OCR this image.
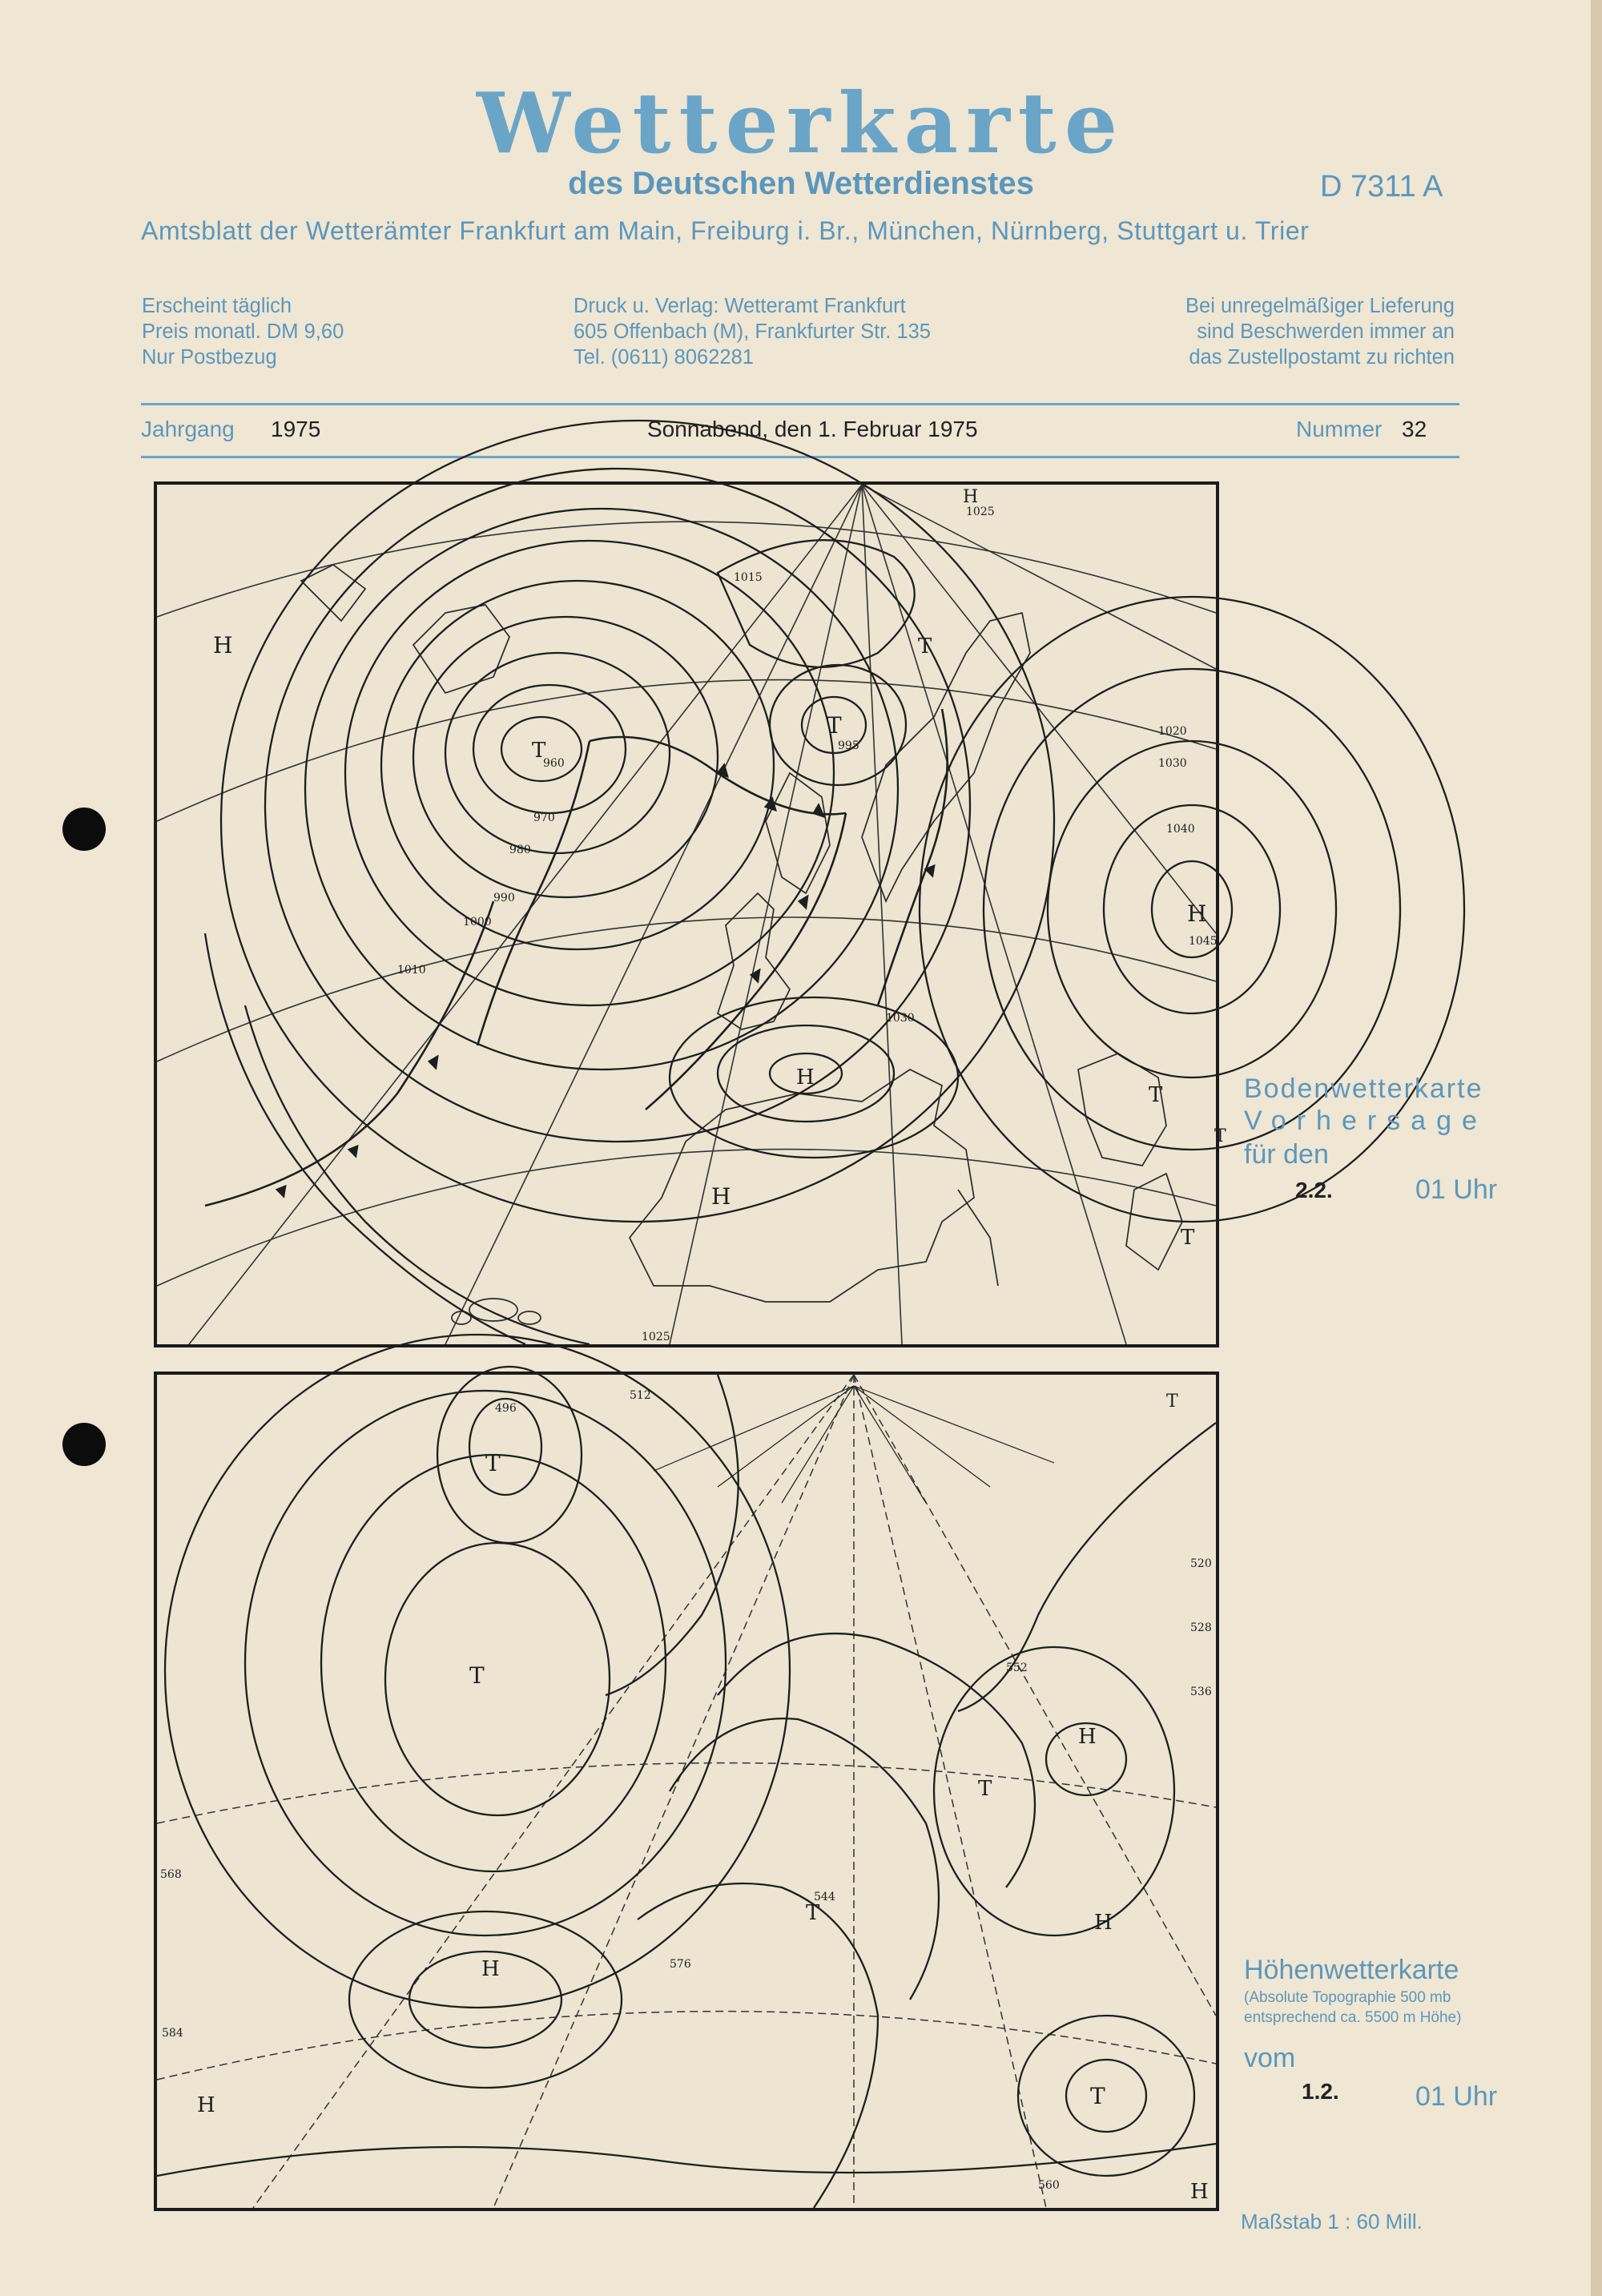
Wetterkarte
des Deutschen Wetterdienstes	D 7311 A
Amtsblatt der Wetterämter Frankfurt am Main, Freiburg i. Br., München, Nürnberg, Stuttgart u. Trier
Erscheint täglich
Preis monatl. DM 9,60
Nur Postbezug
Druck u. Verlag: Wetteramt Frankfurt
605 Offenbach (M), Frankfurter Str. 135
Tel. (0611) 8062281
Bei unregelmäßiger Lieferung
sind Beschwerden immer an
das Zustellpostamt zu richten
Jahrgang 1975	Sonnabend, den 1. Februar 1975	Nummer 32
H
H
H
H
H
T
T
T
T
T
T
960
970
980
990
1000
1010
1015
1020
1025
1030
1040
1045
1030
1025
995
Bodenwetterkarte
Vorhersage
für den
2.2.	01 Uhr
H
H
H
H
H
T
T
T
T
T
T
512
520
528
536
552
544
560
568
576
584
496
Höhenwetterkarte
(Absolute Topographie 500 mb
entsprechend ca. 5500 m Höhe)
vom
1.2.	01 Uhr
Maßstab 1 : 60 Mill.
